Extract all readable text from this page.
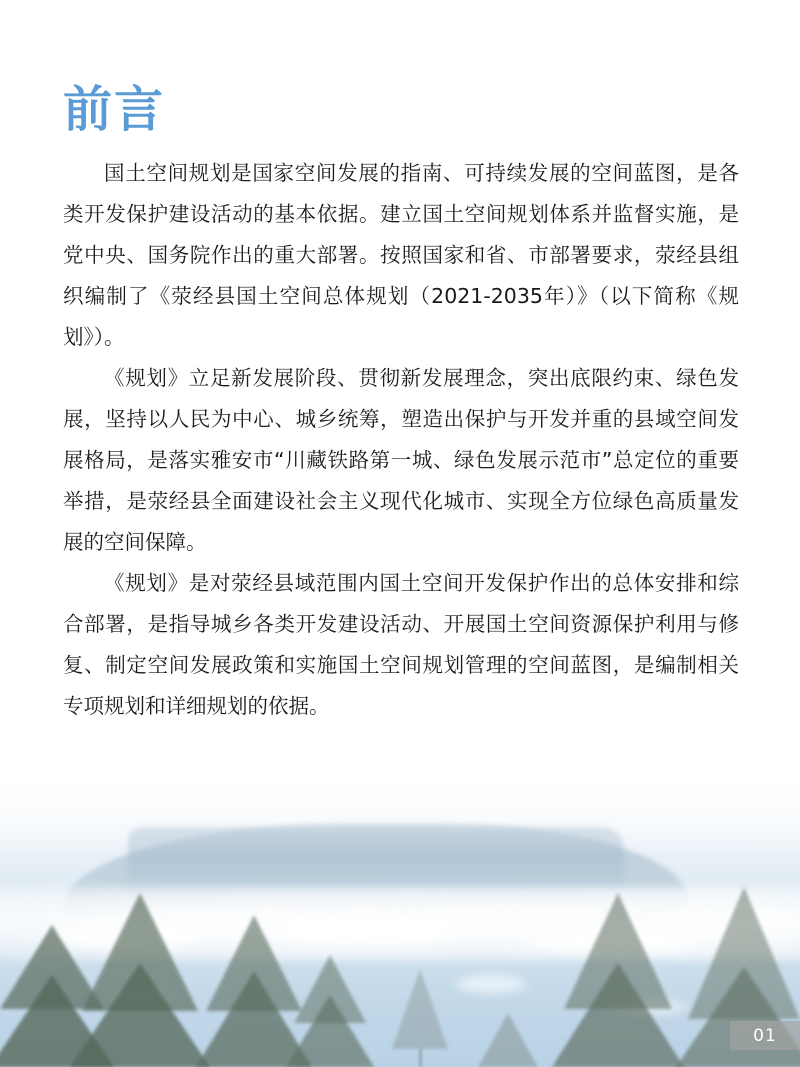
01
前言

国土空间规划是国家空间发展的指南、可持续发展的空间蓝图，是各类开发保护建设活动的基本依据。建立国土空间规划体系并监督实施，是党中央、国务院作出的重大部署。按照国家和省、市部署要求，荥经县组织编制了《荥经县国土空间总体规划（2021-2035年）》（以下简称《规划》）。

《规划》立足新发展阶段、贯彻新发展理念，突出底限约束、绿色发展，坚持以人民为中心、城乡统筹，塑造出保护与开发并重的县域空间发展格局，是落实雅安市“川藏铁路第一城、绿色发展示范市”总定位的重要举措，是荥经县全面建设社会主义现代化城市、实现全方位绿色高质量发展的空间保障。

《规划》是对荥经县域范围内国土空间开发保护作出的总体安排和综合部署，是指导城乡各类开发建设活动、开展国土空间资源保护利用与修复、制定空间发展政策和实施国土空间规划管理的空间蓝图，是编制相关专项规划和详细规划的依据。
